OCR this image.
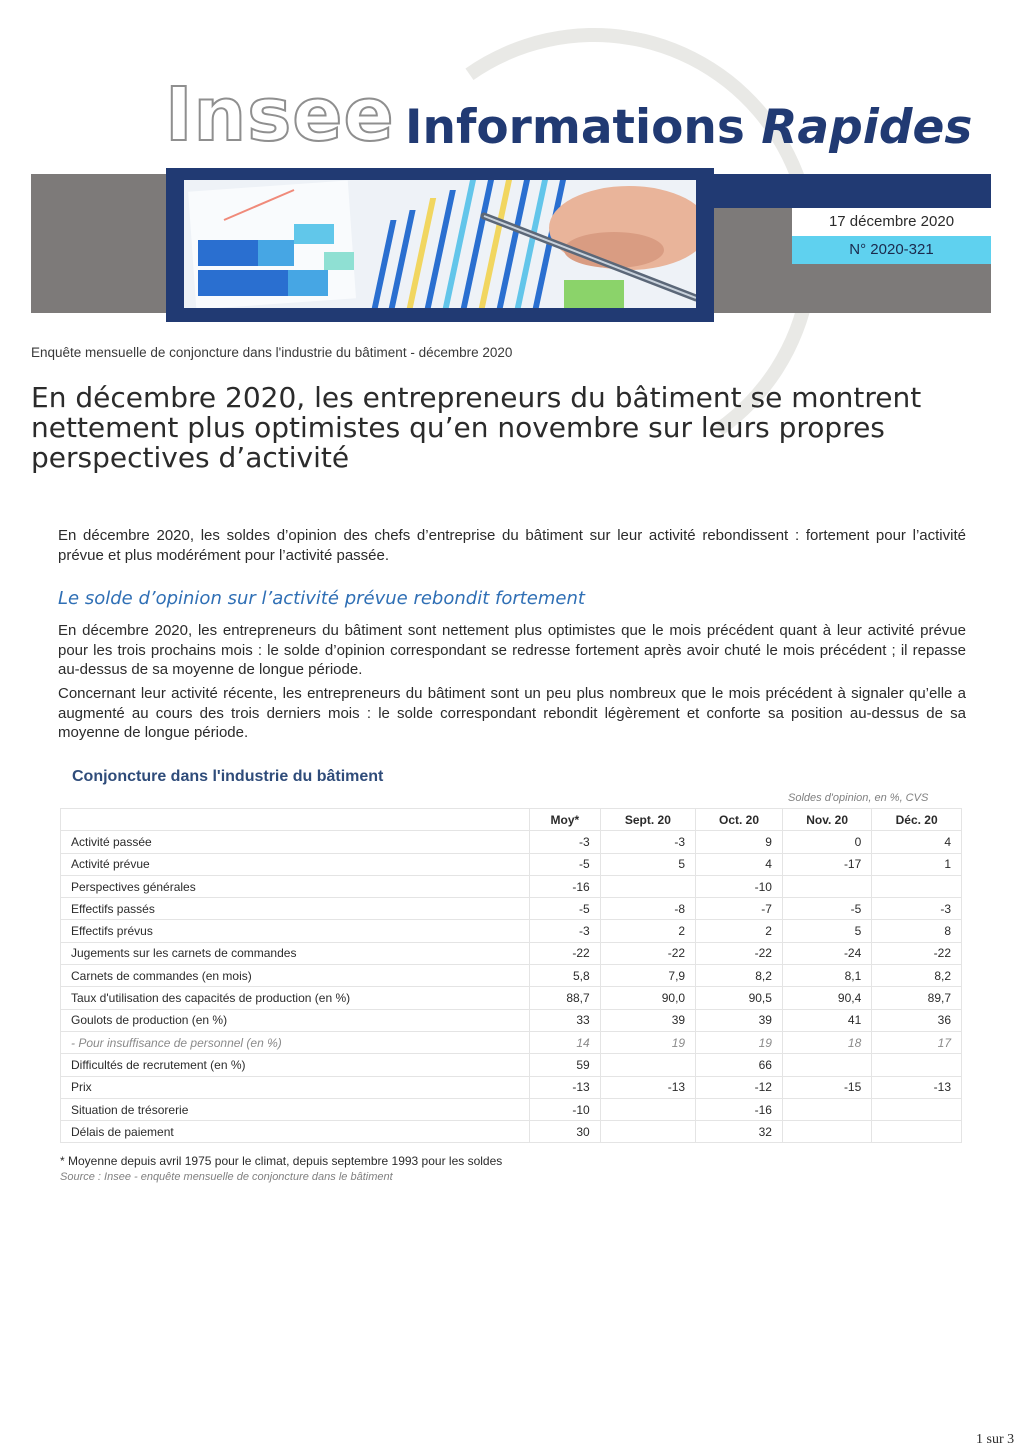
Insee Informations Rapides
17 décembre 2020
N° 2020-321
Enquête mensuelle de conjoncture dans l'industrie du bâtiment - décembre 2020
En décembre 2020, les entrepreneurs du bâtiment se montrent nettement plus optimistes qu’en novembre sur leurs propres perspectives d’activité

En décembre 2020, les soldes d’opinion des chefs d’entreprise du bâtiment sur leur activité rebondissent : fortement pour l’activité prévue et plus modérément pour l’activité passée.

Le solde d’opinion sur l’activité prévue rebondit fortement

En décembre 2020, les entrepreneurs du bâtiment sont nettement plus optimistes que le mois précédent quant à leur activité prévue pour les trois prochains mois : le solde d’opinion correspondant se redresse fortement après avoir chuté le mois précédent ; il repasse au-dessus de sa moyenne de longue période.

Concernant leur activité récente, les entrepreneurs du bâtiment sont un peu plus nombreux que le mois précédent à signaler qu’elle a augmenté au cours des trois derniers mois : le solde correspondant rebondit légèrement et conforte sa position au-dessus de sa moyenne de longue période.

Conjoncture dans l'industrie du bâtiment
Soldes d'opinion, en %, CVS
	Moy*	Sept. 20	Oct. 20	Nov. 20	Déc. 20
Activité passée	-3	-3	9	0	4
Activité prévue	-5	5	4	-17	1
Perspectives générales	-16		-10		
Effectifs passés	-5	-8	-7	-5	-3
Effectifs prévus	-3	2	2	5	8
Jugements sur les carnets de commandes	-22	-22	-22	-24	-22
Carnets de commandes (en mois)	5,8	7,9	8,2	8,1	8,2
Taux d'utilisation des capacités de production (en %)	88,7	90,0	90,5	90,4	89,7
Goulots de production (en %)	33	39	39	41	36
- Pour insuffisance de personnel (en %)	14	19	19	18	17
Difficultés de recrutement (en %)	59		66		
Prix	-13	-13	-12	-15	-13
Situation de trésorerie	-10		-16		
Délais de paiement	30		32		
* Moyenne depuis avril 1975 pour le climat, depuis septembre 1993 pour les soldes
Source : Insee - enquête mensuelle de conjoncture dans le bâtiment
1 sur 3
